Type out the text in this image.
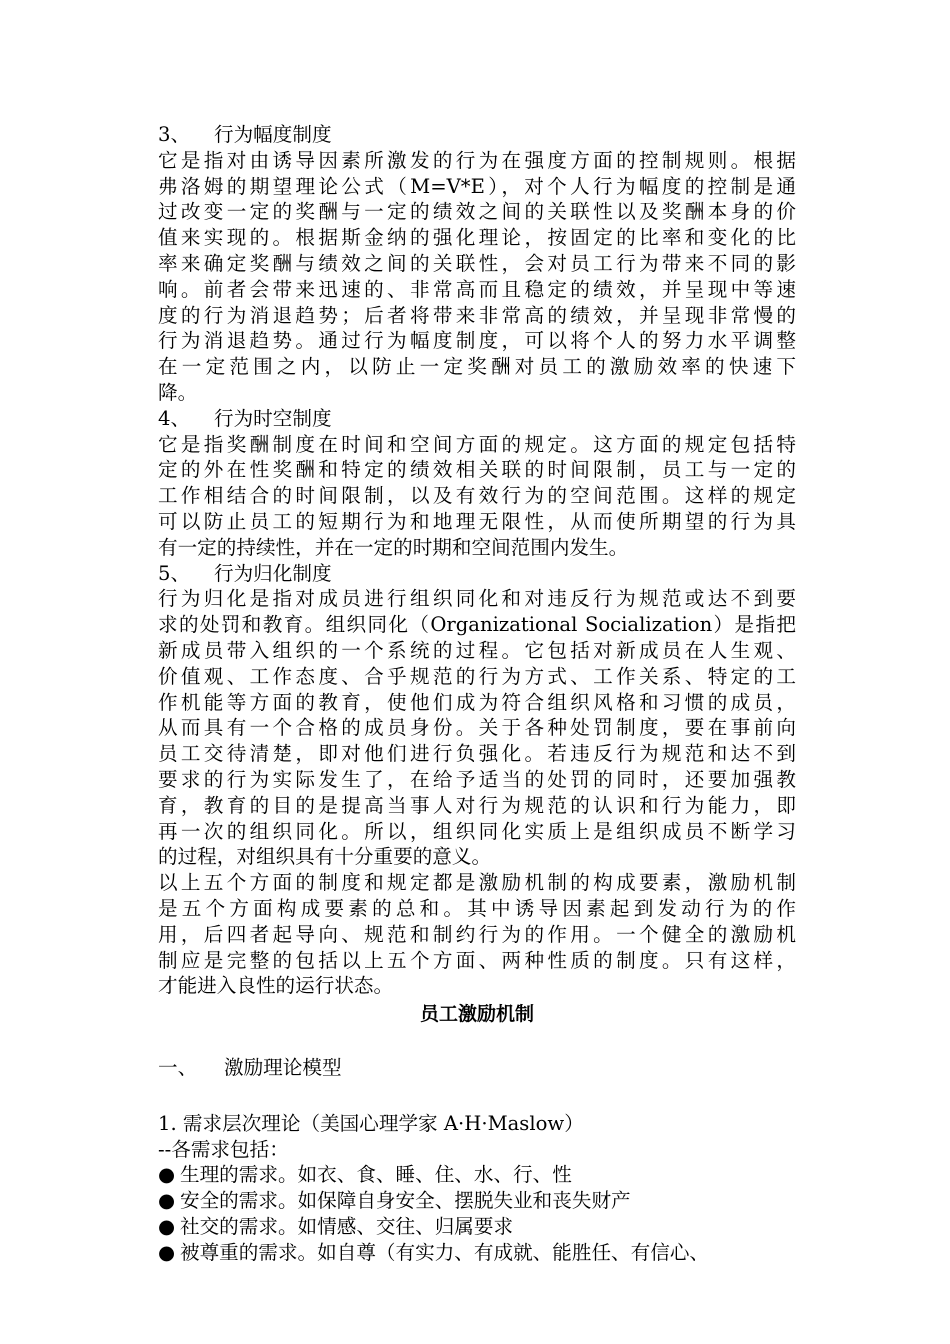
3、 行为幅度制度
它是指对由诱导因素所激发的行为在强度方面的控制规则。根据
弗洛姆的期望理论公式（M=V*E），对个人行为幅度的控制是通
过改变一定的奖酬与一定的绩效之间的关联性以及奖酬本身的价
值来实现的。根据斯金纳的强化理论，按固定的比率和变化的比
率来确定奖酬与绩效之间的关联性，会对员工行为带来不同的影
响。前者会带来迅速的、非常高而且稳定的绩效，并呈现中等速
度的行为消退趋势；后者将带来非常高的绩效，并呈现非常慢的
行为消退趋势。通过行为幅度制度，可以将个人的努力水平调整
在一定范围之内，以防止一定奖酬对员工的激励效率的快速下
降。
4、 行为时空制度
它是指奖酬制度在时间和空间方面的规定。这方面的规定包括特
定的外在性奖酬和特定的绩效相关联的时间限制，员工与一定的
工作相结合的时间限制，以及有效行为的空间范围。这样的规定
可以防止员工的短期行为和地理无限性，从而使所期望的行为具
有一定的持续性，并在一定的时期和空间范围内发生。
5、 行为归化制度
行为归化是指对成员进行组织同化和对违反行为规范或达不到要
求的处罚和教育。组织同化（Organizational Socialization）是指把
新成员带入组织的一个系统的过程。它包括对新成员在人生观、
价值观、工作态度、合乎规范的行为方式、工作关系、特定的工
作机能等方面的教育，使他们成为符合组织风格和习惯的成员，
从而具有一个合格的成员身份。关于各种处罚制度，要在事前向
员工交待清楚，即对他们进行负强化。若违反行为规范和达不到
要求的行为实际发生了，在给予适当的处罚的同时，还要加强教
育，教育的目的是提高当事人对行为规范的认识和行为能力，即
再一次的组织同化。所以，组织同化实质上是组织成员不断学习
的过程，对组织具有十分重要的意义。
以上五个方面的制度和规定都是激励机制的构成要素，激励机制
是五个方面构成要素的总和。其中诱导因素起到发动行为的作
用，后四者起导向、规范和制约行为的作用。一个健全的激励机
制应是完整的包括以上五个方面、两种性质的制度。只有这样，
才能进入良性的运行状态。
员工激励机制
一、 激励理论模型
1. 需求层次理论（美国心理学家 A·H·Maslow）
--各需求包括：
● 生理的需求。如衣、食、睡、住、水、行、性
● 安全的需求。如保障自身安全、摆脱失业和丧失财产
● 社交的需求。如情感、交往、归属要求
● 被尊重的需求。如自尊（有实力、有成就、能胜任、有信心、
